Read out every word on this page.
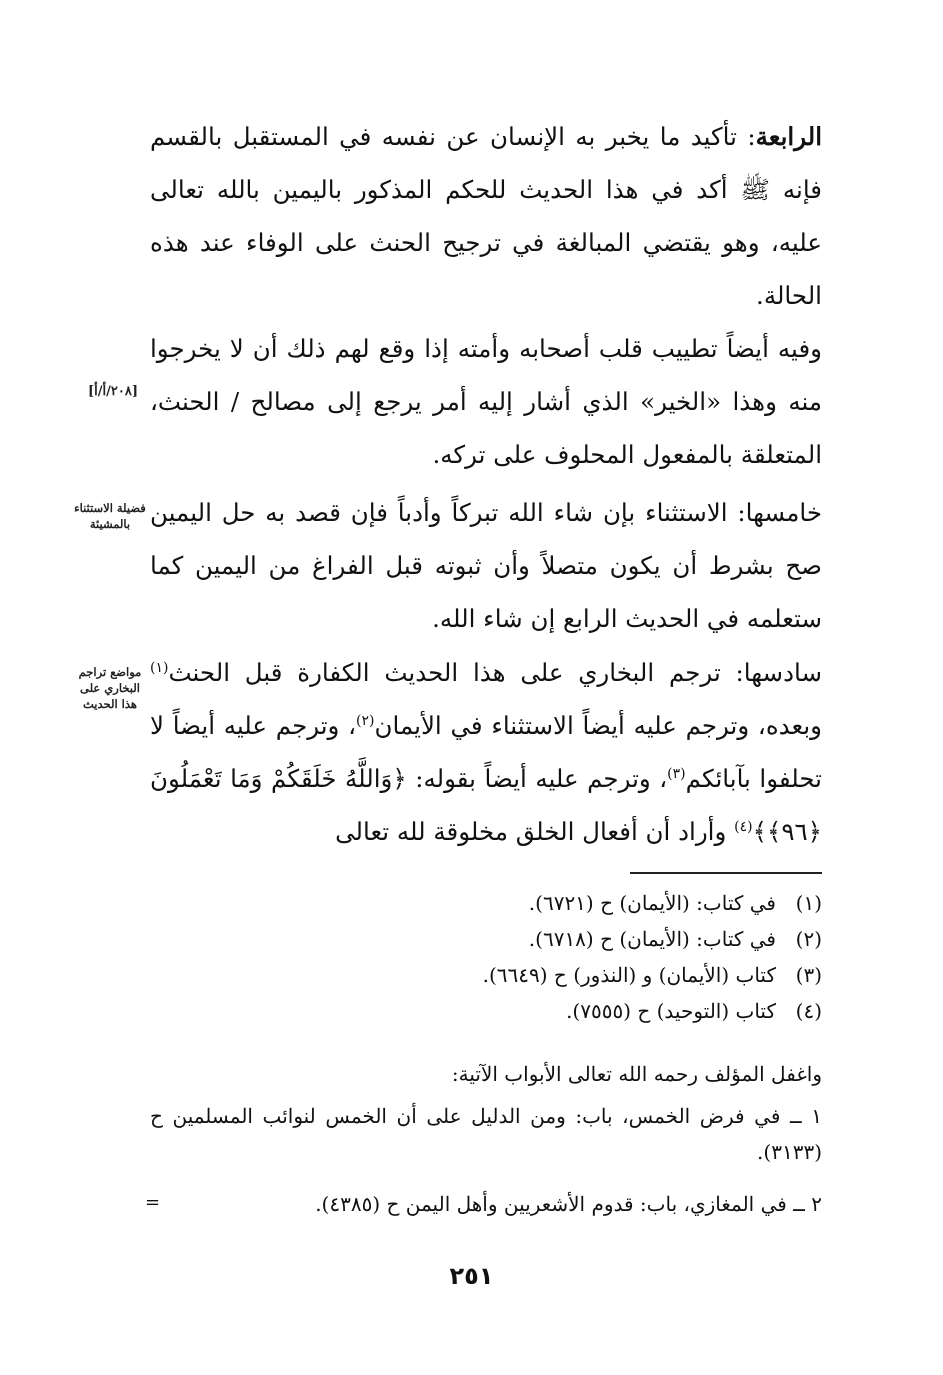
الرابعة: تأكيد ما يخبر به الإنسان عن نفسه في المستقبل بالقسم فإنه ﷺ أكد في هذا الحديث للحكم المذكور باليمين بالله تعالى عليه، وهو يقتضي المبالغة في ترجيح الحنث على الوفاء عند هذه الحالة.
وفيه أيضاً تطييب قلب أصحابه وأمته إذا وقع لهم ذلك أن لا يخرجوا منه وهذا «الخير» الذي أشار إليه أمر يرجع إلى مصالح / الحنث، المتعلقة بالمفعول المحلوف على تركه.
[٢٠٨/أ/أ]
خامسها: الاستثناء بإن شاء الله تبركاً وأدباً فإن قصد به حل اليمين صح بشرط أن يكون متصلاً وأن ثبوته قبل الفراغ من اليمين كما ستعلمه في الحديث الرابع إن شاء الله.
فضيلة الاستثناء بالمشيئة
سادسها: ترجم البخاري على هذا الحديث الكفارة قبل الحنث$^{(١)}$ وبعده، وترجم عليه أيضاً الاستثناء في الأيمان$^{(٢)}$، وترجم عليه أيضاً لا تحلفوا بآبائكم$^{(٣)}$، وترجم عليه أيضاً بقوله: ﴿وَاللَّهُ خَلَقَكُمْ وَمَا تَعْمَلُونَ ﴿٩٦﴾﴾$^{(٤)}$ وأراد أن أفعال الخلق مخلوقة لله تعالى
مواضع تراجم البخاري على هذا الحديث
(١)
في كتاب: (الأيمان) ح (٦٧٢١).
(٢)
في كتاب: (الأيمان) ح (٦٧١٨).
(٣)
كتاب (الأيمان) و (النذور) ح (٦٦٤٩).
(٤)
كتاب (التوحيد) ح (٧٥٥٥).
واغفل المؤلف رحمه الله تعالى الأبواب الآتية:
١ ــ في فرض الخمس، باب: ومن الدليل على أن الخمس لنوائب المسلمين ح (٣١٣٣).
٢ ــ في المغازي، باب: قدوم الأشعريين وأهل اليمن ح (٤٣٨٥).
=
٢٥١
